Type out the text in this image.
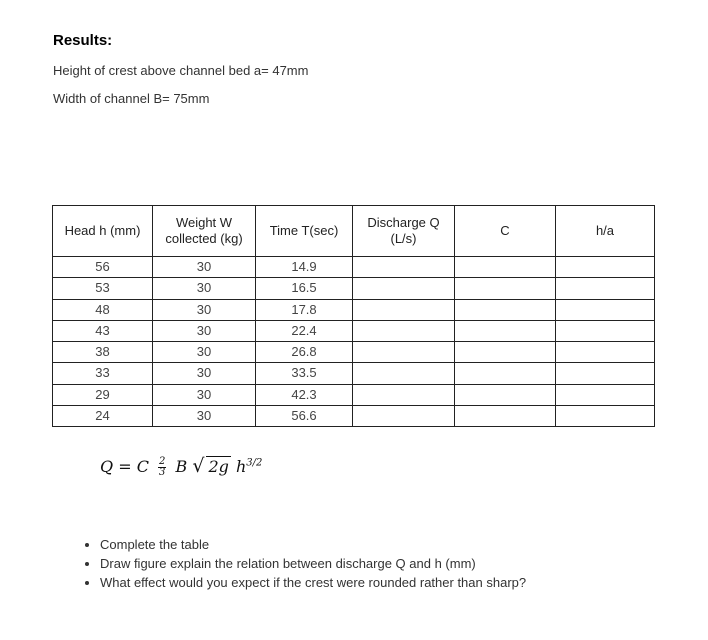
Results:
Height of crest above channel bed a= 47mm
Width of channel B= 75mm
Head h (mm)	Weight W collected (kg)	Time T(sec)	Discharge Q (L/s)	C	h/a
56	30	14.9			
53	30	16.5			
48	30	17.8			
43	30	22.4			
38	30	26.8			
33	30	33.5			
29	30	42.3			
24	30	56.6			
Q = C $\frac{2}{3}$ B √ 2g $h^{3/2}$
• Complete the table
• Draw figure explain the relation between discharge Q and h (mm)
• What effect would you expect if the crest were rounded rather than sharp?
